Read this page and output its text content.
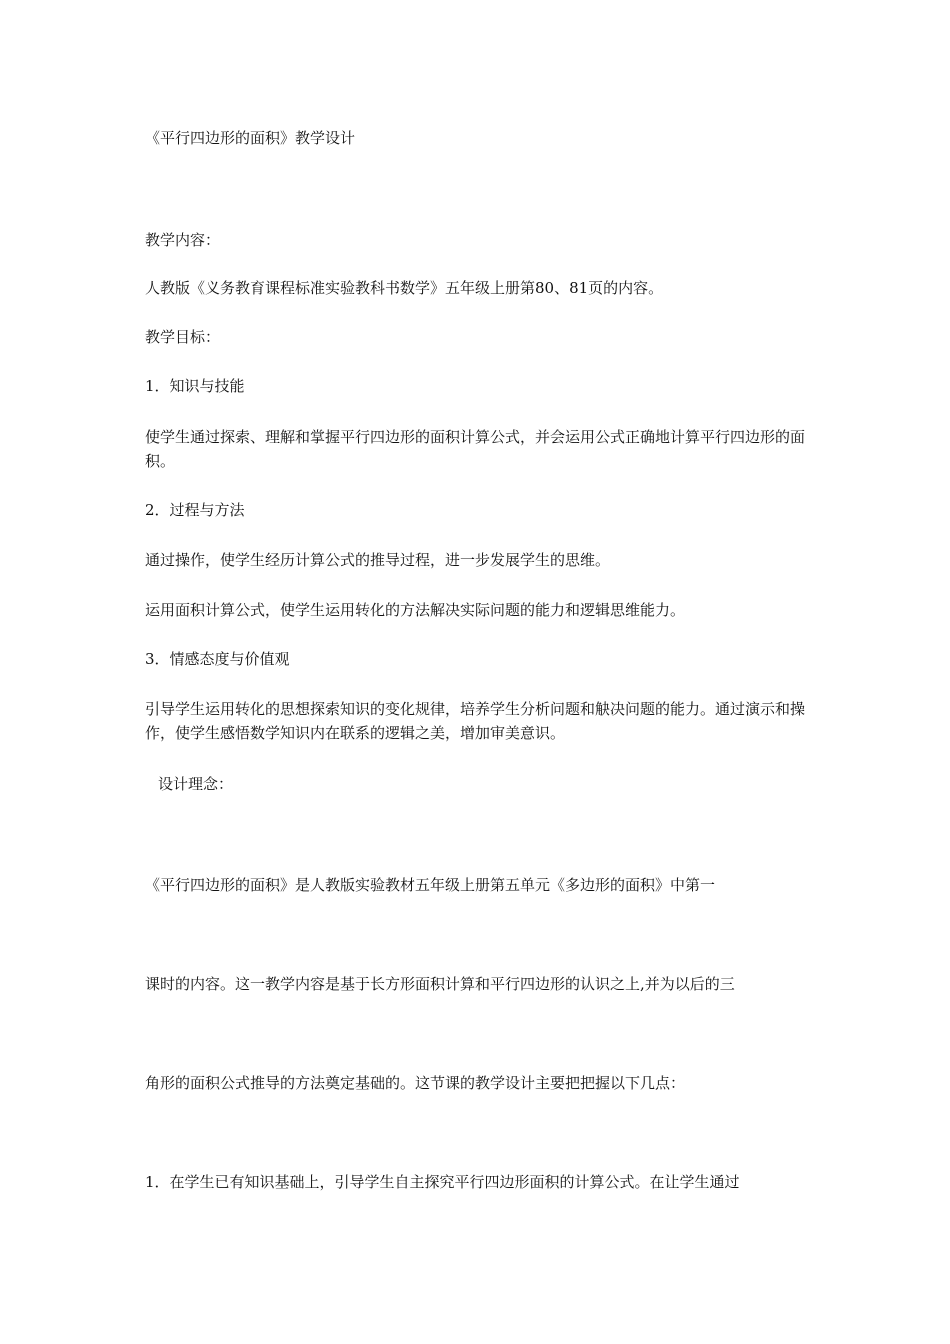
《平行四边形的面积》教学设计
教学内容：
人教版《义务教育课程标准实验教科书数学》五年级上册第80、81页的内容。
教学目标：
1．知识与技能
使学生通过探索、理解和掌握平行四边形的面积计算公式，并会运用公式正确地计算平行四边形的面积。
2．过程与方法
通过操作，使学生经历计算公式的推导过程，进一步发展学生的思维。
运用面积计算公式，使学生运用转化的方法解决实际问题的能力和逻辑思维能力。
3．情感态度与价值观
引导学生运用转化的思想探索知识的变化规律，培养学生分析问题和觖决问题的能力。通过演示和操作，使学生感悟数学知识内在联系的逻辑之美，增加审美意识。
设计理念：
《平行四边形的面积》是人教版实验教材五年级上册第五单元《多边形的面积》中第一
课时的内容。这一教学内容是基于长方形面积计算和平行四边形的认识之上,并为以后的三
角形的面积公式推导的方法奠定基础的。这节课的教学设计主要把把握以下几点：
1．在学生已有知识基础上，引导学生自主探究平行四边形面积的计算公式。在让学生通过
